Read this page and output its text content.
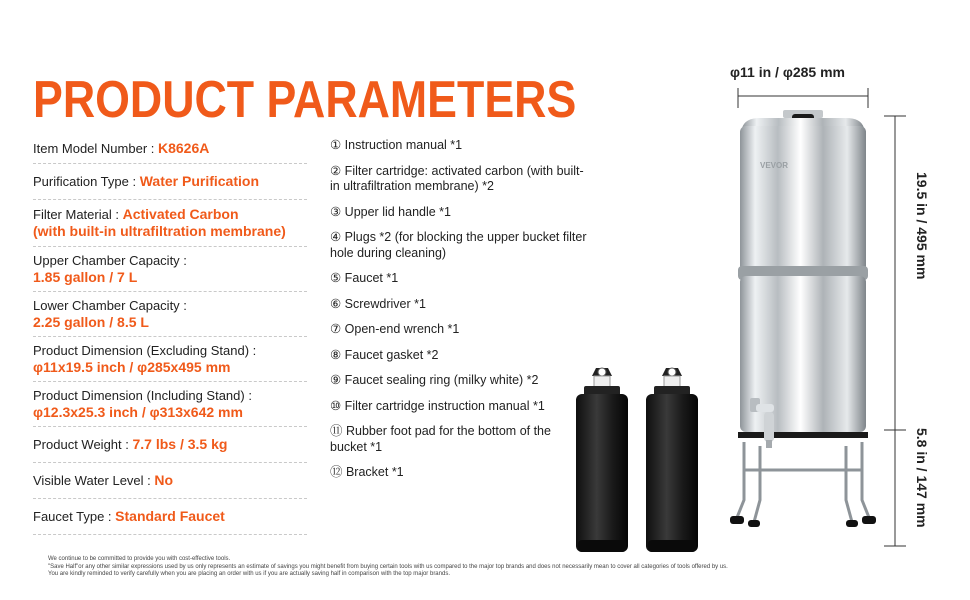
PRODUCT PARAMETERS
Item Model Number : K8626A
Purification Type : Water Purification
Filter Material : Activated Carbon
(with built-in ultrafiltration membrane)
Upper Chamber Capacity :
1.85 gallon / 7 L
Lower Chamber Capacity :
2.25 gallon / 8.5 L
Product Dimension (Excluding Stand) :
φ11x19.5 inch / φ285x495 mm
Product Dimension (Including Stand) :
φ12.3x25.3 inch / φ313x642 mm
Product Weight : 7.7 lbs / 3.5 kg
Visible Water Level : No
Faucet Type : Standard Faucet
① Instruction manual *1
② Filter cartridge: activated carbon (with built-in ultrafiltration membrane) *2
③ Upper lid handle *1
④ Plugs *2 (for blocking the upper bucket filter hole during cleaning)
⑤ Faucet *1
⑥ Screwdriver *1
⑦ Open-end wrench *1
⑧ Faucet gasket *2
⑨ Faucet sealing ring (milky white) *2
⑩ Filter cartridge instruction manual *1
⑪ Rubber foot pad for the bottom of the bucket *1
⑫ Bracket *1
VEVOR
φ11 in / φ285 mm
19.5 in / 495 mm
5.8 in / 147 mm
We continue to be committed to provide you with cost-effective tools.
"Save Half"or any other similar expressions used by us only represents an estimate of savings you might benefit from buying certain tools with us compared to the major top brands and does not necessarily mean to cover all categories of tools offered by us.
You are kindly reminded to verify carefully when you are placing an order with us if you are actually saving half in comparison with the top major brands.
